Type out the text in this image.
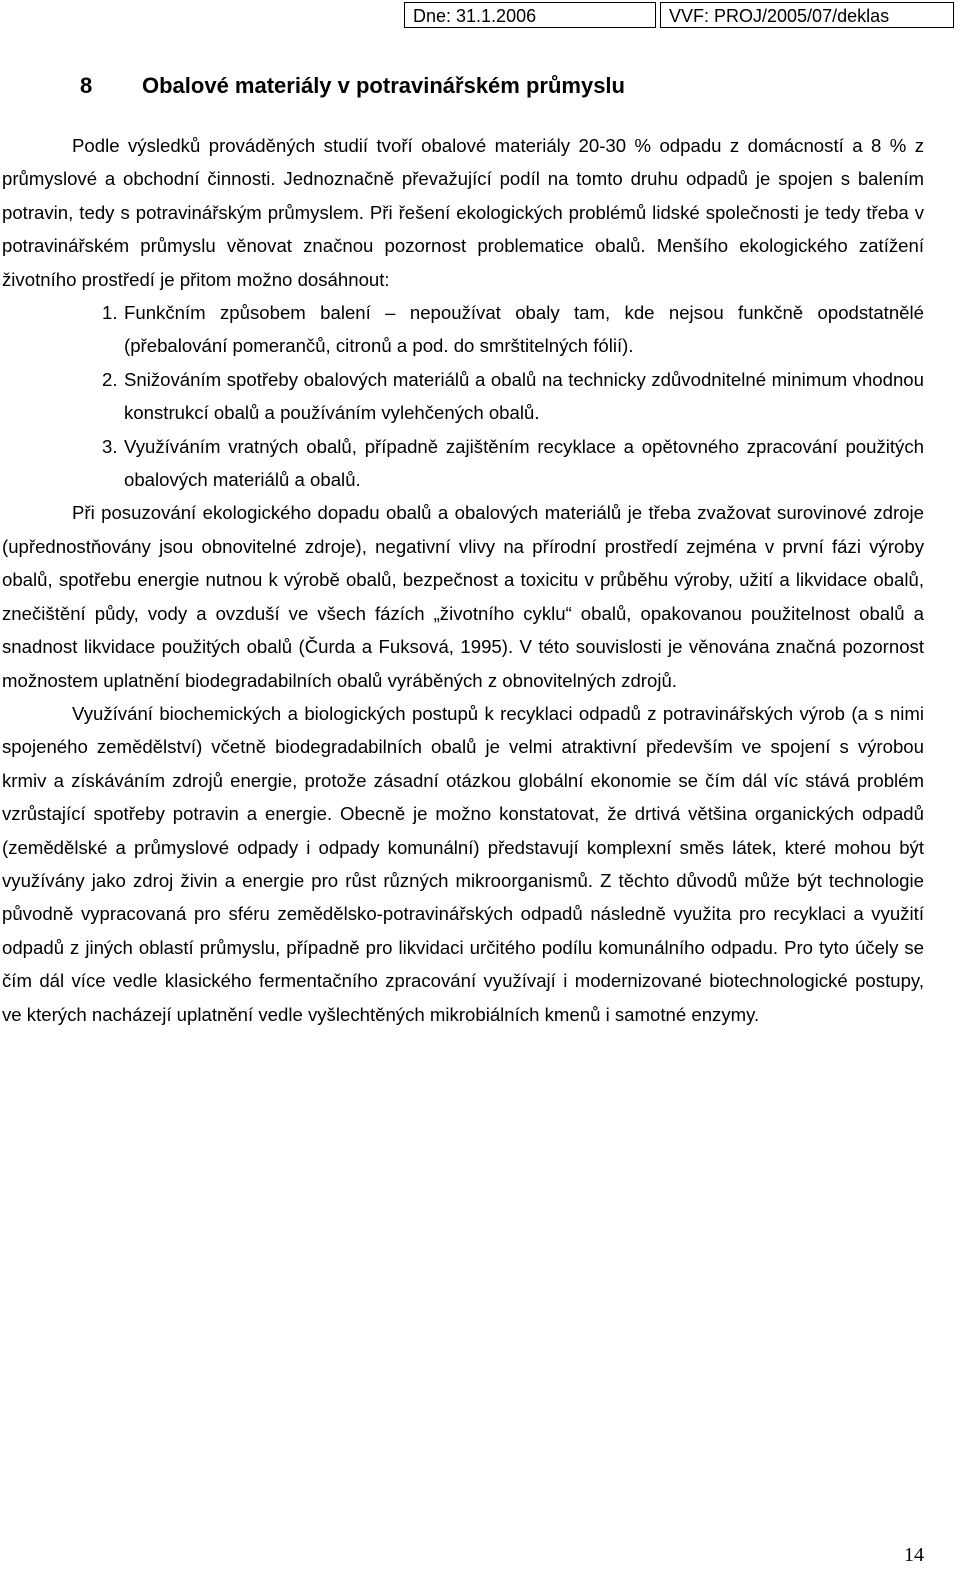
Dne: 31.1.2006	VVF: PROJ/2005/07/deklas
8 Obalové materiály v potravinářském průmyslu

Podle výsledků prováděných studií tvoří obalové materiály 20-30 % odpadu z domácností a 8 % z průmyslové a obchodní činnosti. Jednoznačně převažující podíl na tomto druhu odpadů je spojen s balením potravin, tedy s potravinářským průmyslem. Při řešení ekologických problémů lidské společnosti je tedy třeba v potravinářském průmyslu věnovat značnou pozornost problematice obalů. Menšího ekologického zatížení životního prostředí je přitom možno dosáhnout:

1. Funkčním způsobem balení – nepoužívat obaly tam, kde nejsou funkčně opodstatnělé (přebalování pomerančů, citronů a pod. do smrštitelných fólií).
2. Snižováním spotřeby obalových materiálů a obalů na technicky zdůvodnitelné minimum vhodnou konstrukcí obalů a používáním vylehčených obalů.
3. Využíváním vratných obalů, případně zajištěním recyklace a opětovného zpracování použitých obalových materiálů a obalů.

Při posuzování ekologického dopadu obalů a obalových materiálů je třeba zvažovat surovinové zdroje (upřednostňovány jsou obnovitelné zdroje), negativní vlivy na přírodní prostředí zejména v první fázi výroby obalů, spotřebu energie nutnou k výrobě obalů, bezpečnost a toxicitu v průběhu výroby, užití a likvidace obalů, znečištění půdy, vody a ovzduší ve všech fázích „životního cyklu“ obalů, opakovanou použitelnost obalů a snadnost likvidace použitých obalů (Čurda a Fuksová, 1995). V této souvislosti je věnována značná pozornost možnostem uplatnění biodegradabilních obalů vyráběných z obnovitelných zdrojů.

Využívání biochemických a biologických postupů k recyklaci odpadů z potravinářských výrob (a s nimi spojeného zemědělství) včetně biodegradabilních obalů je velmi atraktivní především ve spojení s výrobou krmiv a získáváním zdrojů energie, protože zásadní otázkou globální ekonomie se čím dál víc stává problém vzrůstající spotřeby potravin a energie. Obecně je možno konstatovat, že drtivá většina organických odpadů (zemědělské a průmyslové odpady i odpady komunální) představují komplexní směs látek, které mohou být využívány jako zdroj živin a energie pro růst různých mikroorganismů. Z těchto důvodů může být technologie původně vypracovaná pro sféru zemědělsko-potravinářských odpadů následně využita pro recyklaci a využití odpadů z jiných oblastí průmyslu, případně pro likvidaci určitého podílu komunálního odpadu. Pro tyto účely se čím dál více vedle klasického fermentačního zpracování využívají i modernizované biotechnologické postupy, ve kterých nacházejí uplatnění vedle vyšlechtěných mikrobiálních kmenů i samotné enzymy.

14
